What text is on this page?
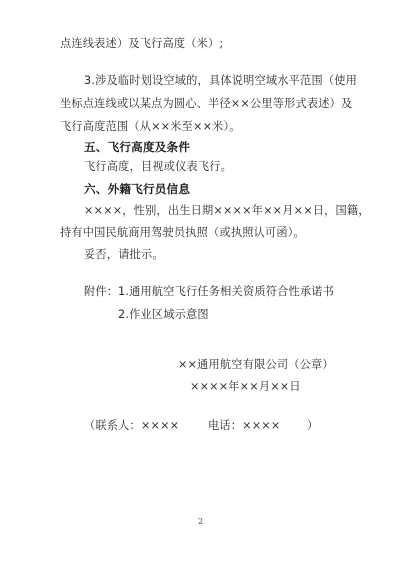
点连线表述）及飞行高度（米）;
3.涉及临时划设空域的，具体说明空域水平范围（使用
坐标点连线或以某点为圆心、半径××公里等形式表述）及
飞行高度范围（从××米至××米）。
五、飞行高度及条件
飞行高度，目视或仪表飞行。
六、外籍飞行员信息
××××，性别，出生日期××××年××月××日，国籍，
持有中国民航商用驾驶员执照（或执照认可函）。
妥否，请批示。
附件： 1.通用航空飞行任务相关资质符合性承诺书
2.作业区域示意图
××通用航空有限公司（公章）
××××年××月××日
（联系人：××××	电话：×××× ）
2
